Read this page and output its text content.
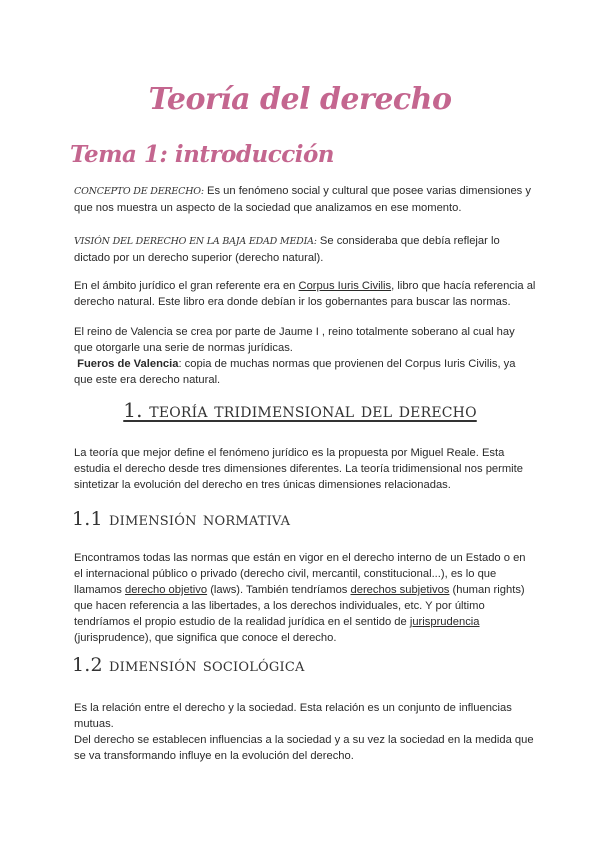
Teoría del derecho
Tema 1: introducción
CONCEPTO DE DERECHO: Es un fenómeno social y cultural que posee varias dimensiones y que nos muestra un aspecto de la sociedad que analizamos en ese momento.
VISIÓN DEL DERECHO EN LA BAJA EDAD MEDIA: Se consideraba que debía reflejar lo dictado por un derecho superior (derecho natural).
En el ámbito jurídico el gran referente era en Corpus Iuris Civilis, libro que hacía referencia al derecho natural. Este libro era donde debían ir los gobernantes para buscar las normas.
El reino de Valencia se crea por parte de Jaume I , reino totalmente soberano al cual hay que otorgarle una serie de normas jurídicas.
Fueros de Valencia: copia de muchas normas que provienen del Corpus Iuris Civilis, ya que este era derecho natural.
1. teoría tridimensional del derecho
La teoría que mejor define el fenómeno jurídico es la propuesta por Miguel Reale. Esta estudia el derecho desde tres dimensiones diferentes. La teoría tridimensional nos permite sintetizar la evolución del derecho en tres únicas dimensiones relacionadas.
1.1 dimensión normativa
Encontramos todas las normas que están en vigor en el derecho interno de un Estado o en el internacional público o privado (derecho civil, mercantil, constitucional...), es lo que llamamos derecho objetivo (laws). También tendríamos derechos subjetivos (human rights) que hacen referencia a las libertades, a los derechos individuales, etc. Y por último tendríamos el propio estudio de la realidad jurídica en el sentido de jurisprudencia (jurisprudence), que significa que conoce el derecho.
1.2 dimensión sociológica
Es la relación entre el derecho y la sociedad. Esta relación es un conjunto de influencias mutuas.
Del derecho se establecen influencias a la sociedad y a su vez la sociedad en la medida que se va transformando influye en la evolución del derecho.
